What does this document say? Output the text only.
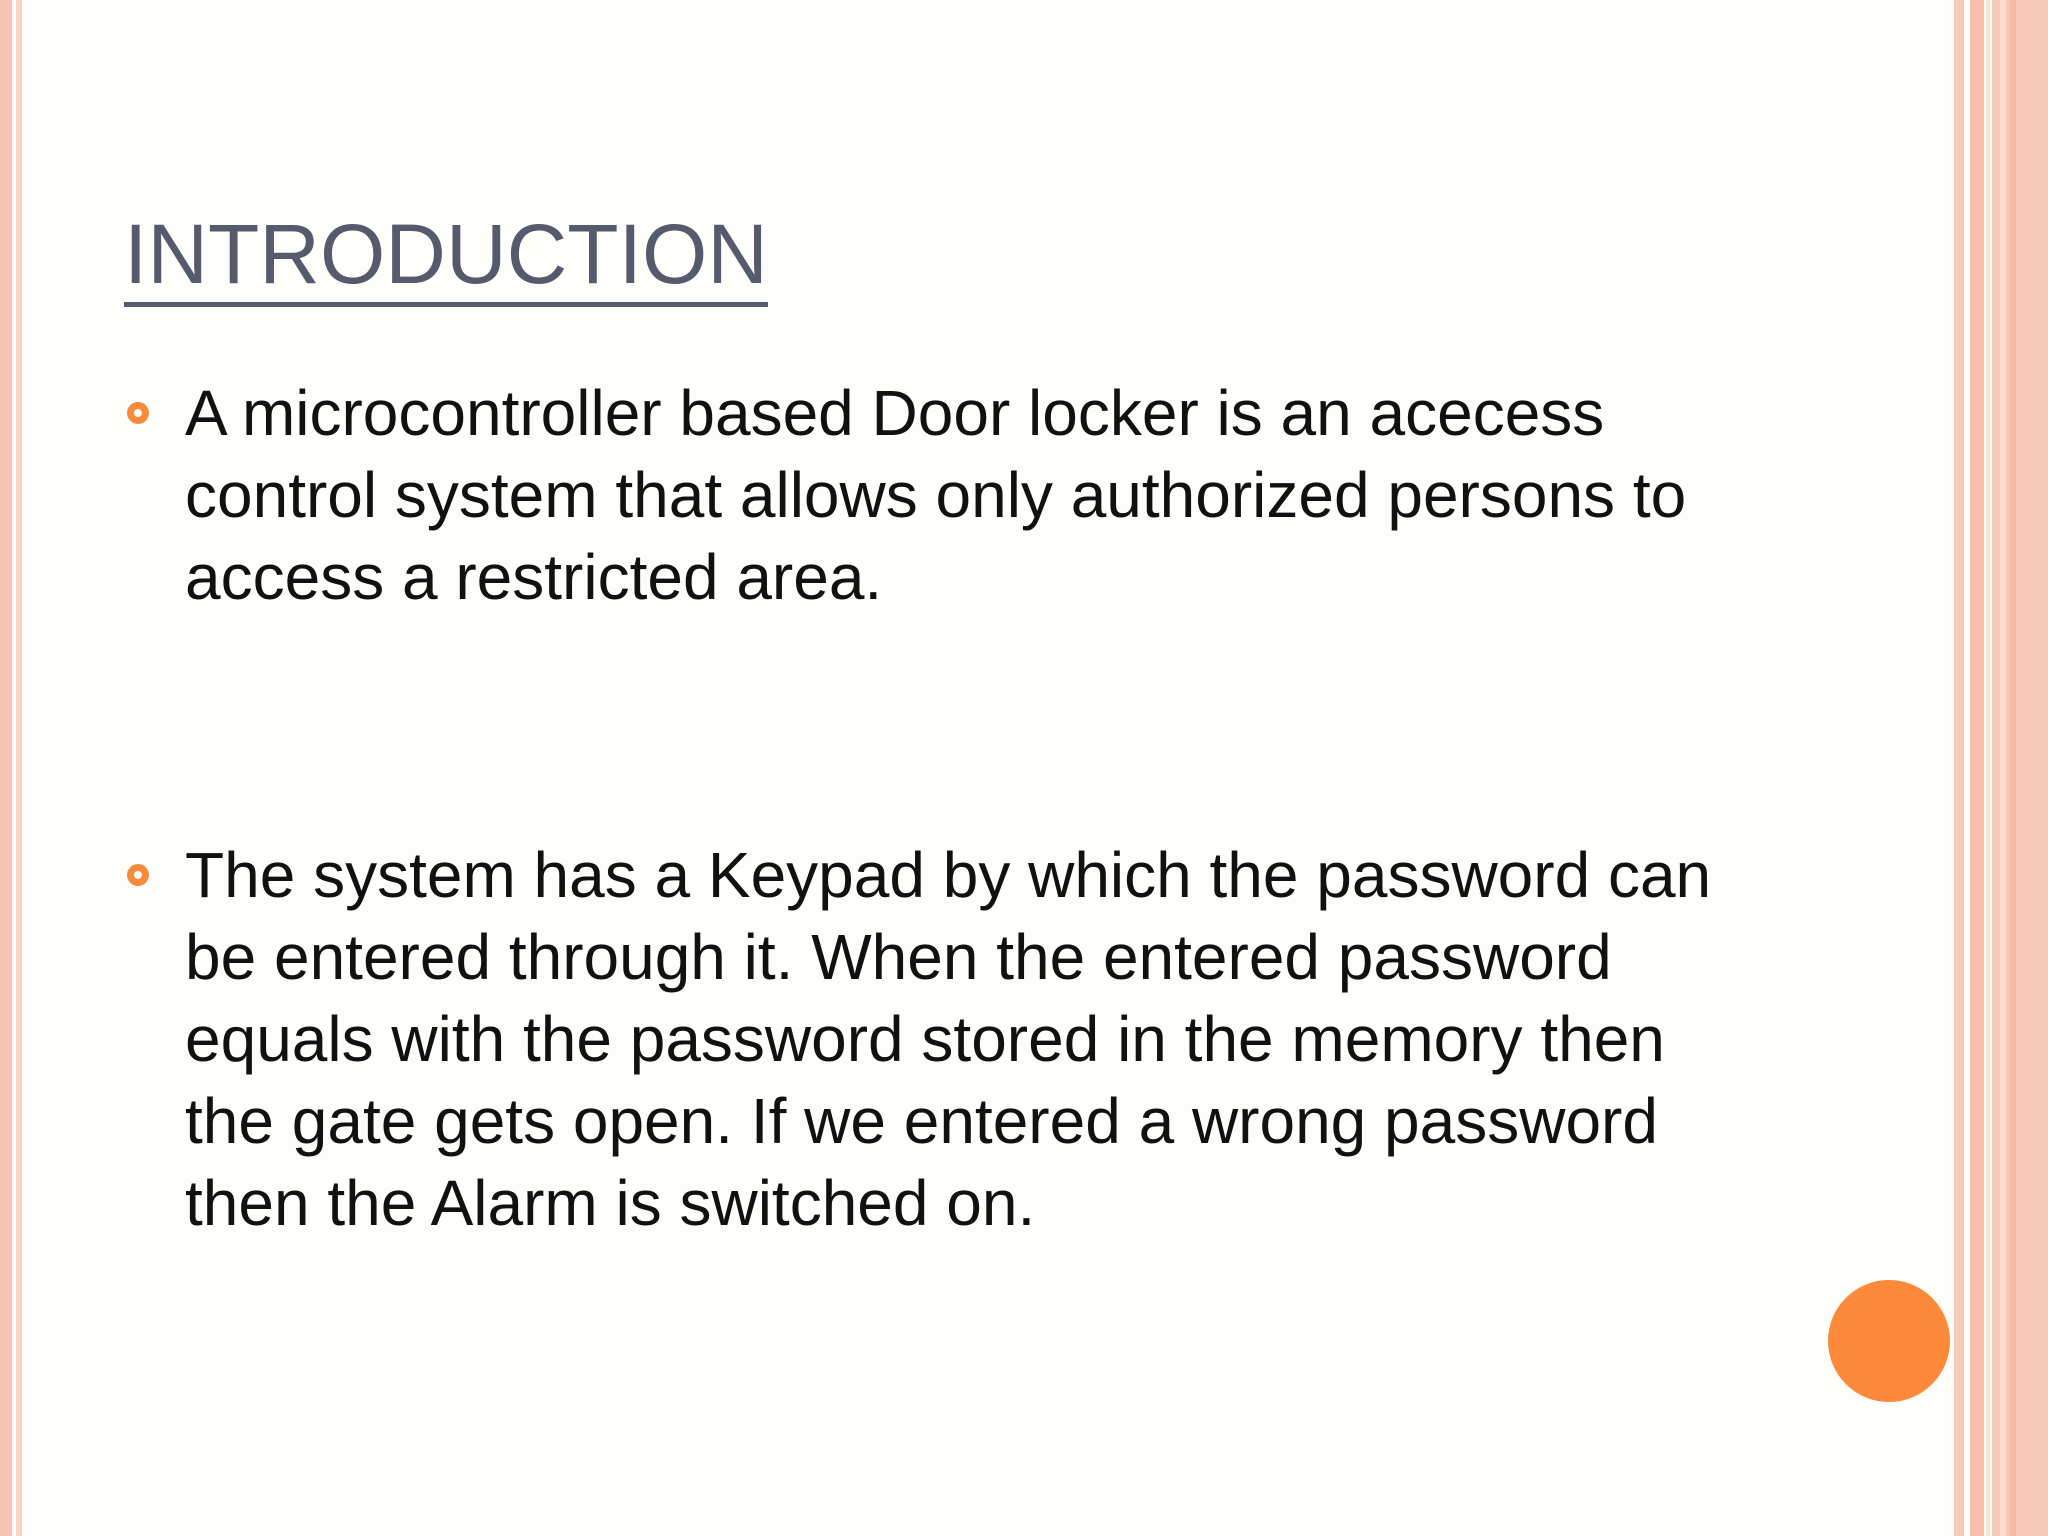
INTRODUCTION
A microcontroller based Door locker is an acecess control system that allows only authorized persons to access a restricted area.
The system has a Keypad by which the password can be entered through it. When the entered password equals with the password stored in the memory then the gate gets open. If we entered a wrong password then the Alarm is switched on.
